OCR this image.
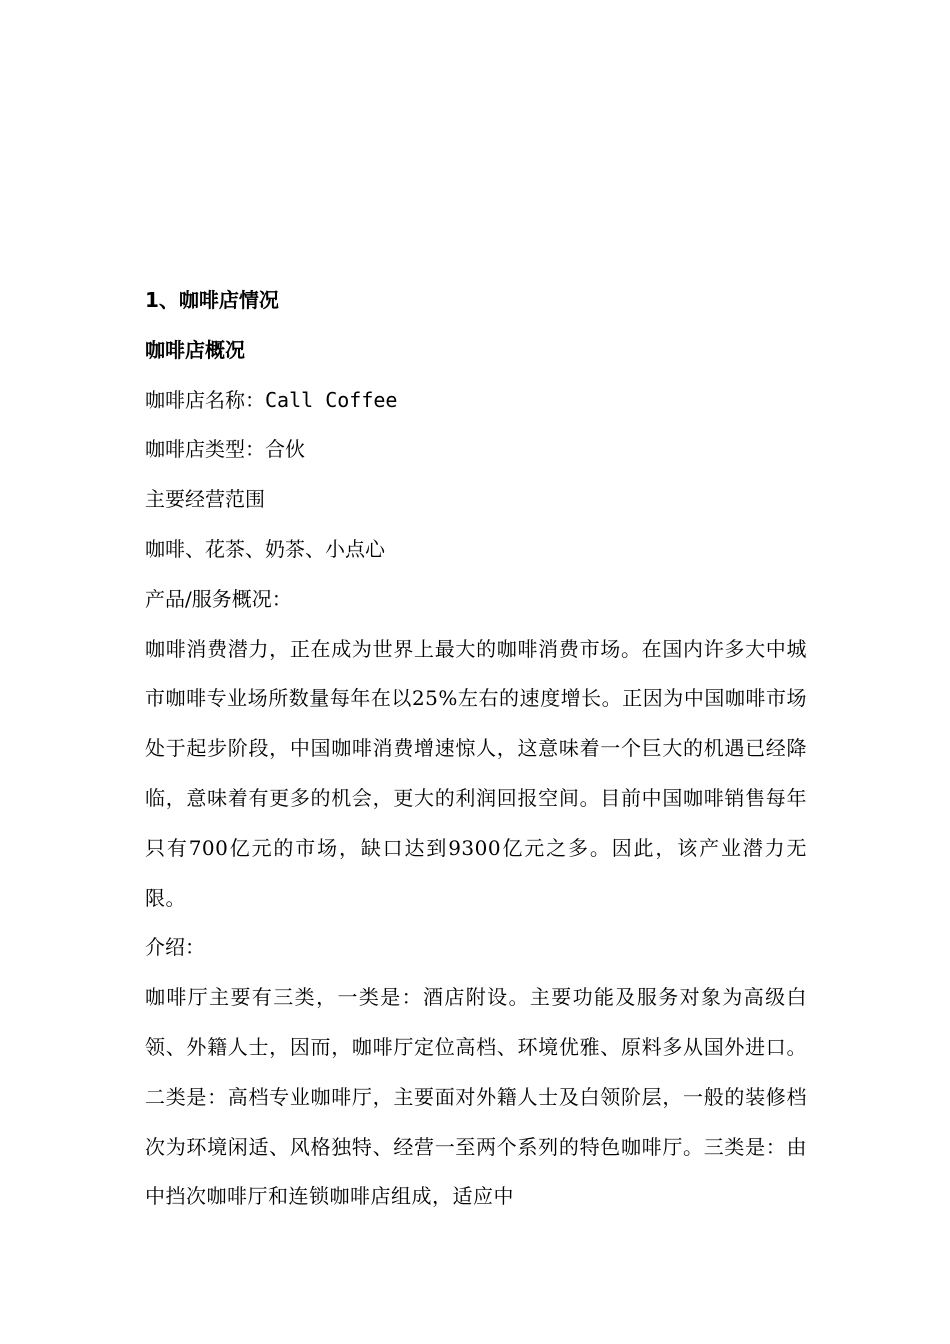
1、咖啡店情况
咖啡店概况
咖啡店名称：Call Coffee
咖啡店类型：合伙
主要经营范围
咖啡、花茶、奶茶、小点心
产品/服务概况：
咖啡消费潜力，正在成为世界上最大的咖啡消费市场。在国内许多大中城市咖啡专业场所数量每年在以25%左右的速度增长。正因为中国咖啡市场处于起步阶段，中国咖啡消费增速惊人，这意味着一个巨大的机遇已经降临，意味着有更多的机会，更大的利润回报空间。目前中国咖啡销售每年只有700亿元的市场，缺口达到9300亿元之多。因此，该产业潜力无限。
介绍：
咖啡厅主要有三类，一类是：酒店附设。主要功能及服务对象为高级白领、外籍人士，因而，咖啡厅定位高档、环境优雅、原料多从国外进口。二类是：高档专业咖啡厅，主要面对外籍人士及白领阶层，一般的装修档次为环境闲适、风格独特、经营一至两个系列的特色咖啡厅。三类是：由中挡次咖啡厅和连锁咖啡店组成，适应中
